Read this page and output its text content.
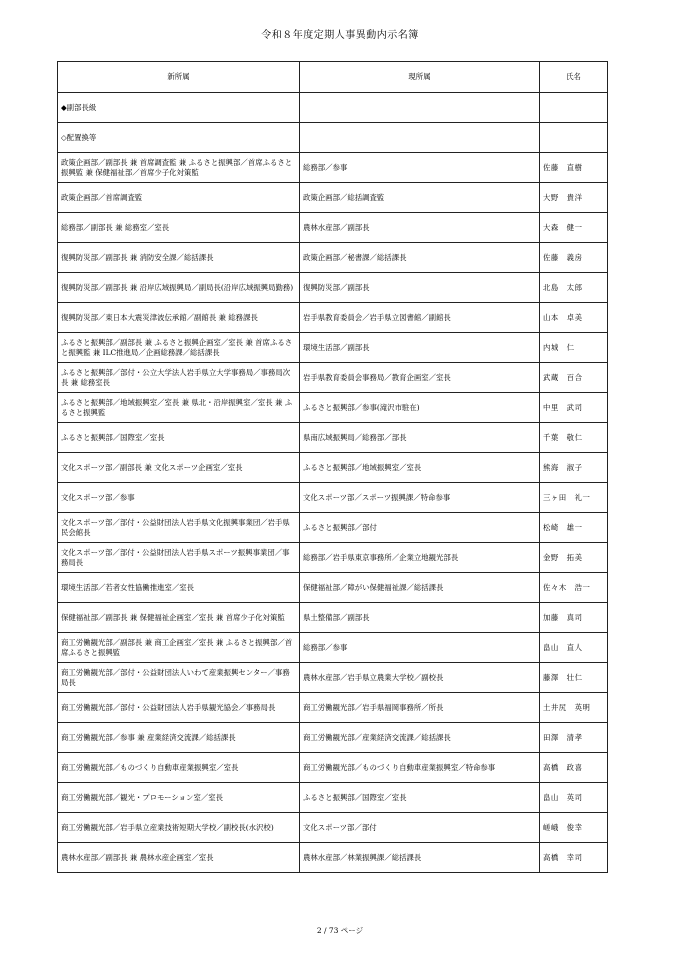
令和８年度定期人事異動内示名簿
新所属	現所属	氏名
◆副部長級		
◇配置換等		
政策企画部／副部長 兼 首席調査監 兼 ふるさと振興部／首席ふるさと振興監 兼 保健福祉部／首席少子化対策監	総務部／参事	佐藤　直樹
政策企画部／首席調査監	政策企画部／総括調査監	大野　貴洋
総務部／副部長 兼 総務室／室長	農林水産部／副部長	大森　健一
復興防災部／副部長 兼 消防安全課／総括課長	政策企画部／秘書課／総括課長	佐藤　義房
復興防災部／副部長 兼 沿岸広域振興局／副局長(沿岸広域振興局勤務)	復興防災部／副部長	北島　太郎
復興防災部／東日本大震災津波伝承館／副館長 兼 総務課長	岩手県教育委員会／岩手県立図書館／副館長	山本　卓美
ふるさと振興部／副部長 兼 ふるさと振興企画室／室長 兼 首席ふるさと振興監 兼 ILC推進局／企画総務課／総括課長	環境生活部／副部長	内城　仁
ふるさと振興部／部付・公立大学法人岩手県立大学事務局／事務局次長 兼 総務室長	岩手県教育委員会事務局／教育企画室／室長	武蔵　百合
ふるさと振興部／地域振興室／室長 兼 県北・沿岸振興室／室長 兼 ふるさと振興監	ふるさと振興部／参事(滝沢市駐在)	中里　武司
ふるさと振興部／国際室／室長	県南広域振興局／総務部／部長	千葉　敬仁
文化スポーツ部／副部長 兼 文化スポーツ企画室／室長	ふるさと振興部／地域振興室／室長	熊海　淑子
文化スポーツ部／参事	文化スポーツ部／スポーツ振興課／特命参事	三ヶ田　礼一
文化スポーツ部／部付・公益財団法人岩手県文化振興事業団／岩手県民会館長	ふるさと振興部／部付	松崎　雄一
文化スポーツ部／部付・公益財団法人岩手県スポーツ振興事業団／事務局長	総務部／岩手県東京事務所／企業立地観光部長	金野　拓美
環境生活部／若者女性協働推進室／室長	保健福祉部／障がい保健福祉課／総括課長	佐々木　浩一
保健福祉部／副部長 兼 保健福祉企画室／室長 兼 首席少子化対策監	県土整備部／副部長	加藤　真司
商工労働観光部／副部長 兼 商工企画室／室長 兼 ふるさと振興部／首席ふるさと振興監	総務部／参事	畠山　直人
商工労働観光部／部付・公益財団法人いわて産業振興センター／事務局長	農林水産部／岩手県立農業大学校／副校長	藤澤　壮仁
商工労働観光部／部付・公益財団法人岩手県観光協会／事務局長	商工労働観光部／岩手県福岡事務所／所長	土井尻　英明
商工労働観光部／参事 兼 産業経済交流課／総括課長	商工労働観光部／産業経済交流課／総括課長	田澤　清孝
商工労働観光部／ものづくり自動車産業振興室／室長	商工労働観光部／ものづくり自動車産業振興室／特命参事	高橋　政喜
商工労働観光部／観光・プロモーション室／室長	ふるさと振興部／国際室／室長	畠山　英司
商工労働観光部／岩手県立産業技術短期大学校／副校長(水沢校)	文化スポーツ部／部付	嵯峨　俊幸
農林水産部／副部長 兼 農林水産企画室／室長	農林水産部／林業振興課／総括課長	高橋　幸司
2 / 73 ページ
